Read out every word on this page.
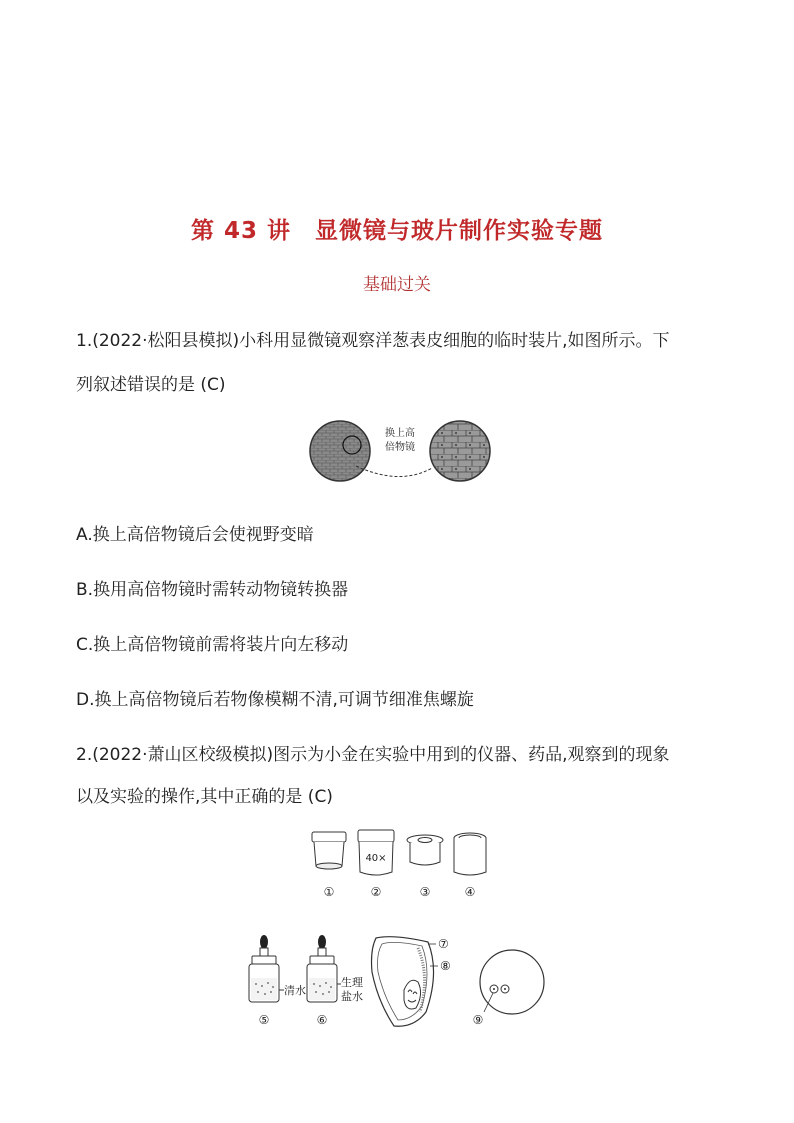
第 43 讲　显微镜与玻片制作实验专题
基础过关
1.(2022·松阳县模拟)小科用显微镜观察洋葱表皮细胞的临时装片,如图所示。下
列叙述错误的是 (C)
换上高
倍物镜
A.换上高倍物镜后会使视野变暗
B.换用高倍物镜时需转动物镜转换器
C.换上高倍物镜前需将装片向左移动
D.换上高倍物镜后若物像模糊不清,可调节细准焦螺旋
2.(2022·萧山区校级模拟)图示为小金在实验中用到的仪器、药品,观察到的现象
以及实验的操作,其中正确的是 (C)
40×
①	②	③	④
清水
⑤
生理
盐水
⑥
⑦
⑧
⑨
